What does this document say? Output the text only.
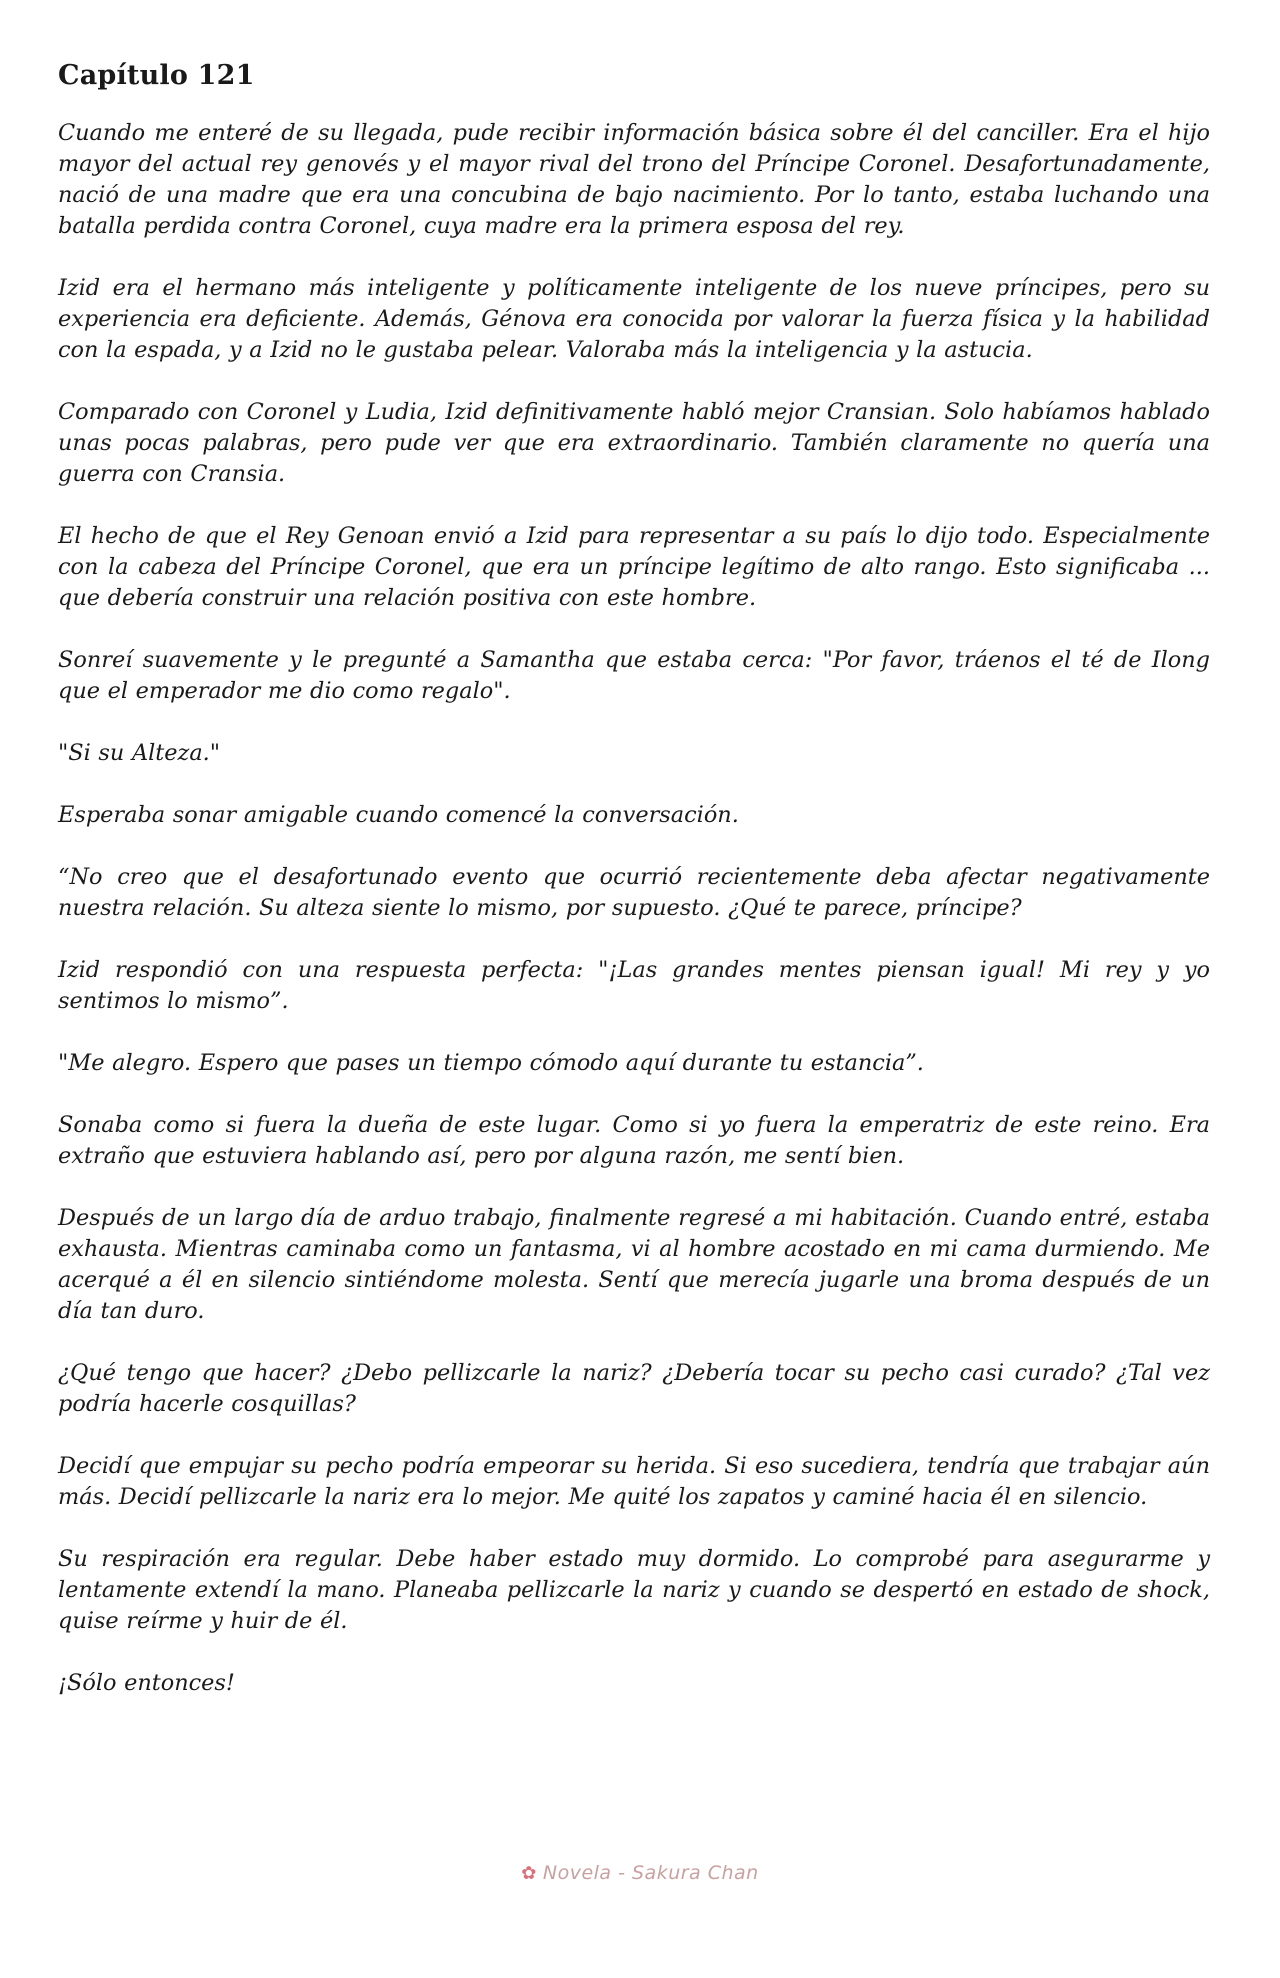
Capítulo 121

Cuando me enteré de su llegada, pude recibir información básica sobre él del canciller. Era el hijo mayor del actual rey genovés y el mayor rival del trono del Príncipe Coronel. Desafortunadamente, nació de una madre que era una concubina de bajo nacimiento. Por lo tanto, estaba luchando una batalla perdida contra Coronel, cuya madre era la primera esposa del rey.

Izid era el hermano más inteligente y políticamente inteligente de los nueve príncipes, pero su experiencia era deficiente. Además, Génova era conocida por valorar la fuerza física y la habilidad con la espada, y a Izid no le gustaba pelear. Valoraba más la inteligencia y la astucia.

Comparado con Coronel y Ludia, Izid definitivamente habló mejor Cransian. Solo habíamos hablado unas pocas palabras, pero pude ver que era extraordinario. También claramente no quería una guerra con Cransia.

El hecho de que el Rey Genoan envió a Izid para representar a su país lo dijo todo. Especialmente con la cabeza del Príncipe Coronel, que era un príncipe legítimo de alto rango. Esto significaba ... que debería construir una relación positiva con este hombre.

Sonreí suavemente y le pregunté a Samantha que estaba cerca: "Por favor, tráenos el té de Ilong que el emperador me dio como regalo".

"Si su Alteza."

Esperaba sonar amigable cuando comencé la conversación.

“No creo que el desafortunado evento que ocurrió recientemente deba afectar negativamente nuestra relación. Su alteza siente lo mismo, por supuesto. ¿Qué te parece, príncipe?

Izid respondió con una respuesta perfecta: "¡Las grandes mentes piensan igual! Mi rey y yo sentimos lo mismo”.

"Me alegro. Espero que pases un tiempo cómodo aquí durante tu estancia”.

Sonaba como si fuera la dueña de este lugar. Como si yo fuera la emperatriz de este reino. Era extraño que estuviera hablando así, pero por alguna razón, me sentí bien.

Después de un largo día de arduo trabajo, finalmente regresé a mi habitación. Cuando entré, estaba exhausta. Mientras caminaba como un fantasma, vi al hombre acostado en mi cama durmiendo. Me acerqué a él en silencio sintiéndome molesta. Sentí que merecía jugarle una broma después de un día tan duro.

¿Qué tengo que hacer? ¿Debo pellizcarle la nariz? ¿Debería tocar su pecho casi curado? ¿Tal vez podría hacerle cosquillas?

Decidí que empujar su pecho podría empeorar su herida. Si eso sucediera, tendría que trabajar aún más. Decidí pellizcarle la nariz era lo mejor. Me quité los zapatos y caminé hacia él en silencio.

Su respiración era regular. Debe haber estado muy dormido. Lo comprobé para asegurarme y lentamente extendí la mano. Planeaba pellizcarle la nariz y cuando se despertó en estado de shock, quise reírme y huir de él.

¡Sólo entonces!

✿ Novela - Sakura Chan
